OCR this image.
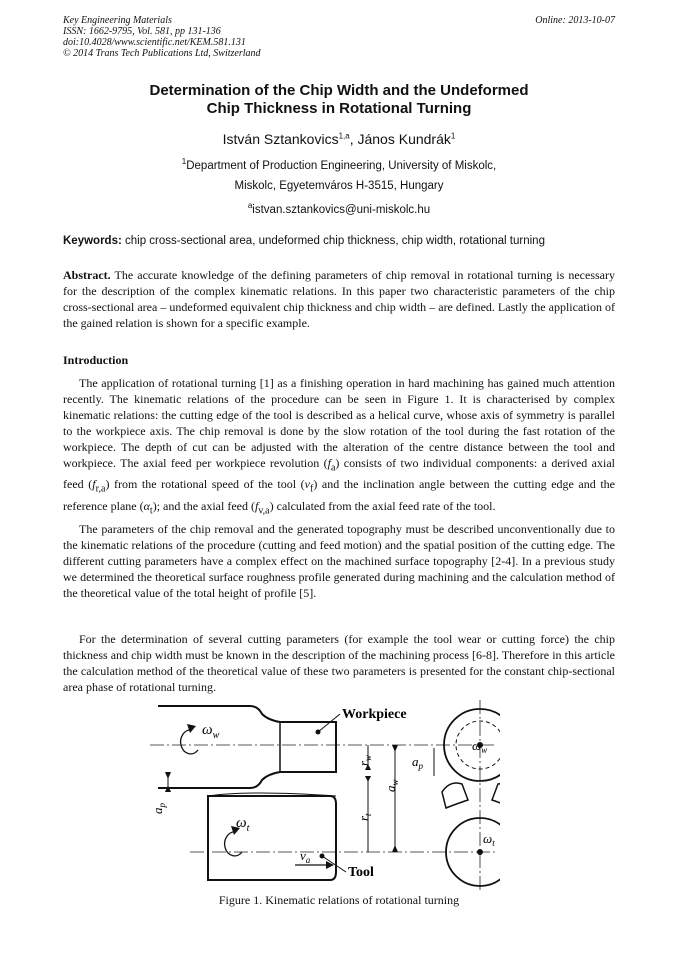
Key Engineering Materials
ISSN: 1662-9795, Vol. 581, pp 131-136
doi:10.4028/www.scientific.net/KEM.581.131
© 2014 Trans Tech Publications Ltd, Switzerland
Online: 2013-10-07
Determination of the Chip Width and the Undeformed
Chip Thickness in Rotational Turning
István Sztankovics$^{1,a}$, János Kundrák$^1$
$^1$Department of Production Engineering, University of Miskolc,
Miskolc, Egyetemváros H-3515, Hungary
$^a$istvan.sztankovics@uni-miskolc.hu
Keywords: chip cross-sectional area, undeformed chip thickness, chip width, rotational turning

Abstract. The accurate knowledge of the defining parameters of chip removal in rotational turning is necessary for the description of the complex kinematic relations. In this paper two characteristic parameters of the chip cross-sectional area – undeformed equivalent chip thickness and chip width – are defined. Lastly the application of the gained relation is shown for a specific example.

Introduction

The application of rotational turning [1] as a finishing operation in hard machining has gained much attention recently. The kinematic relations of the procedure can be seen in Figure 1. It is characterised by complex kinematic relations: the cutting edge of the tool is described as a helical curve, whose axis of symmetry is parallel to the workpiece axis. The chip removal is done by the slow rotation of the tool during the fast rotation of the workpiece. The depth of cut can be adjusted with the alteration of the centre distance between the tool and workpiece. The axial feed per workpiece revolution $(f_a)$ consists of two individual components: a derived axial feed $(f_{r,a})$ from the rotational speed of the tool $(v_f)$ and the inclination angle between the cutting edge and the reference plane $(\alpha_t)$; and the axial feed $(f_{v,a})$ calculated from the axial feed rate of the tool.

The parameters of the chip removal and the generated topography must be described unconventionally due to the kinematic relations of the procedure (cutting and feed motion) and the spatial position of the cutting edge. The different cutting parameters have a complex effect on the machined surface topography [2-4]. In a previous study we determined the theoretical surface roughness profile generated during machining and the calculation method of the theoretical value of the total height of profile [5].

For the determination of several cutting parameters (for example the tool wear or cutting force) the chip thickness and chip width must be known in the description of the machining process [6-8]. Therefore in this article the calculation method of the theoretical value of these two parameters is presented for the constant chip-sectional area phase of rotational turning.

$\omega_w$
Workpiece
$\omega_t$
$v_a$
Tool
$a_p$
$r_w$
$r_t$
$a_w$
$a_p$
$\omega_w$
$\omega_t$
Figure 1. Kinematic relations of rotational turning
